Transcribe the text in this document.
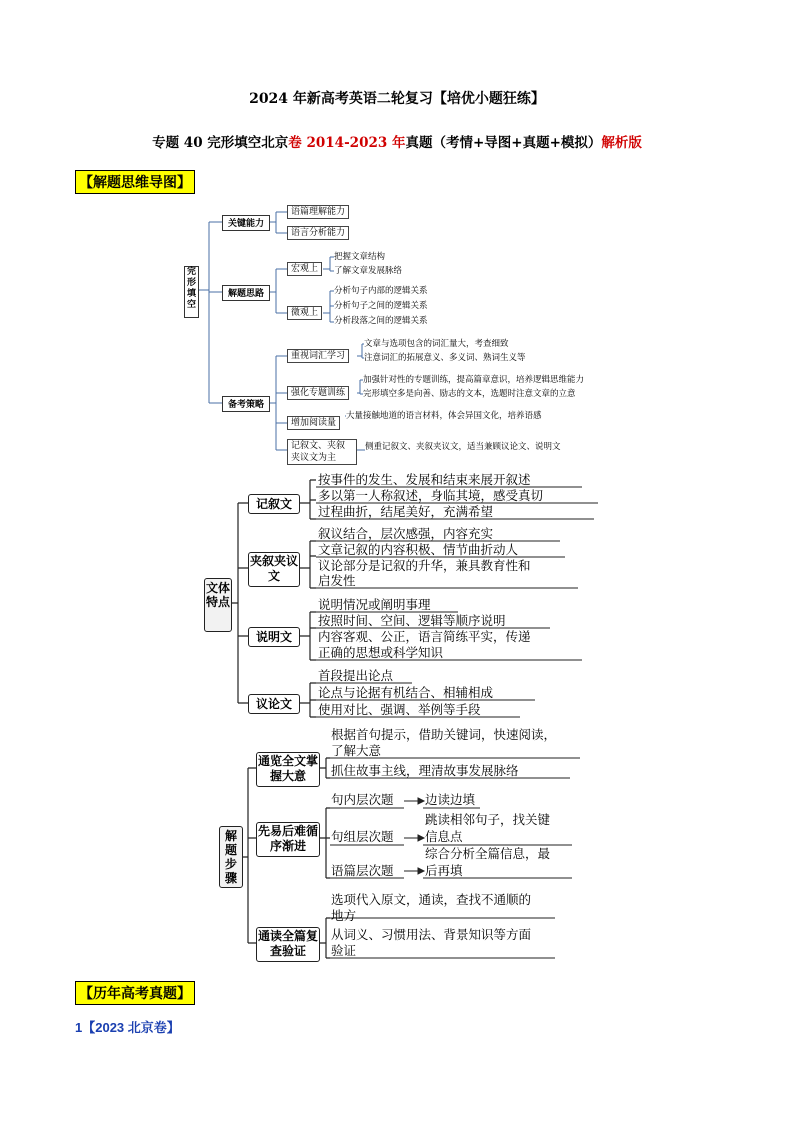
2024 年新高考英语二轮复习【培优小题狂练】
专题 40 完形填空北京卷 2014-2023 年真题（考情+导图+真题+模拟）解析版
【解题思维导图】
完形填空
关键能力
语篇理解能力
语言分析能力
解题思路
宏观上
把握文章结构
了解文章发展脉络
微观上
分析句子内部的逻辑关系
分析句子之间的逻辑关系
分析段落之间的逻辑关系
备考策略
重视词汇学习
文章与选项包含的词汇量大，考查细致
注意词汇的拓展意义、多义词、熟词生义等
强化专题训练
加强针对性的专题训练，提高篇章意识，培养逻辑思维能力
完形填空多是向善、励志的文本，选题时注意文章的立意
增加阅读量
大量接触地道的语言材料，体会异国文化，培养语感
记叙文、夹叙夹议文为主
侧重记叙文、夹叙夹议文，适当兼顾议论文、说明文
文体特点
记叙文
按事件的发生、发展和结束来展开叙述
多以第一人称叙述，身临其境，感受真切
过程曲折，结尾美好，充满希望
夹叙夹议文
叙议结合，层次感强，内容充实
文章记叙的内容积极、情节曲折动人
议论部分是记叙的升华，兼具教育性和
启发性
说明文
说明情况或阐明事理
按照时间、空间、逻辑等顺序说明
内容客观、公正，语言简练平实，传递
正确的思想或科学知识
议论文
首段提出论点
论点与论据有机结合、相辅相成
使用对比、强调、举例等手段
解题步骤
通览全文掌握大意
根据首句提示，借助关键词，快速阅读，
了解大意
抓住故事主线，理清故事发展脉络
先易后难循序渐进
句内层次题	边读边填
句组层次题
跳读相邻句子，找关键
信息点
语篇层次题
综合分析全篇信息，最
后再填
通读全篇复查验证
选项代入原文，通读，查找不通顺的
地方
从词义、习惯用法、背景知识等方面
验证
【历年高考真题】
1【2023 北京卷】
